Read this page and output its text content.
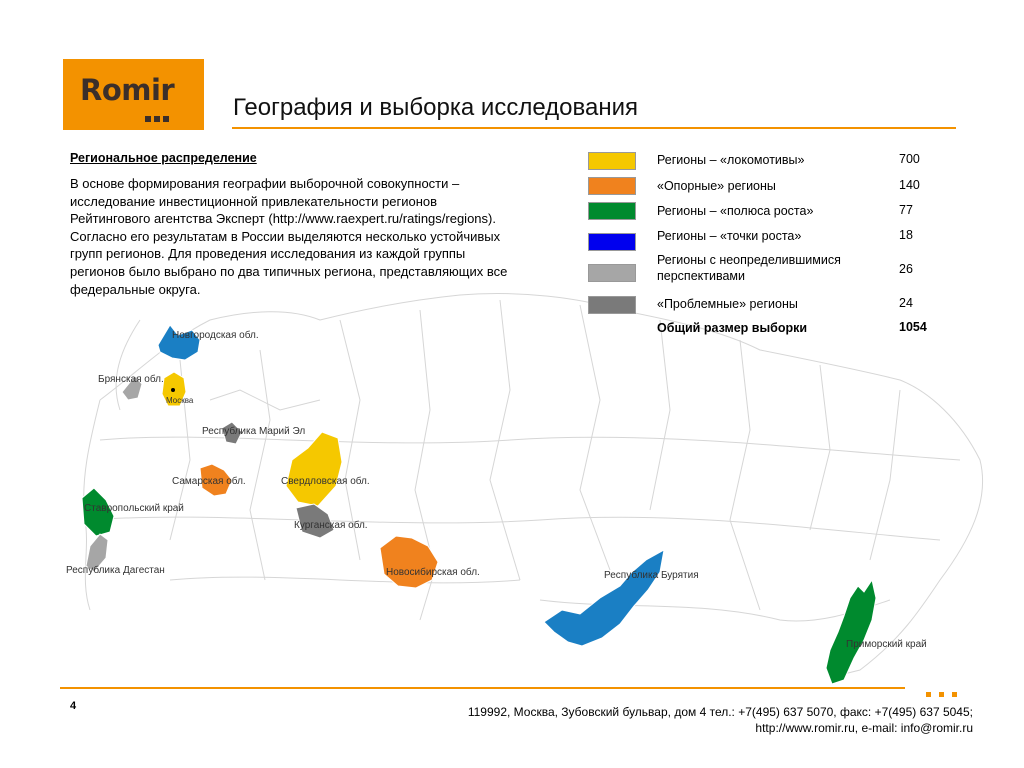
Romir
География и выборка исследования
Региональное распределение
В основе формирования географии выборочной совокупности –
исследование инвестиционной привлекательности регионов
Рейтингового агентства Эксперт (http://www.raexpert.ru/ratings/regions).
Согласно его результатам в России выделяются несколько устойчивых
групп регионов. Для проведения исследования из каждой группы
регионов было выбрано по два типичных региона, представляющих все
федеральные округа.
Новгородская обл.
Брянская обл.
Москва
Республика Марий Эл
Самарская обл.	Свердловская обл.
Ставропольский край
Курганская обл.
Республика Дагестан	Новосибирская обл.	Республика Бурятия
Приморский край
Регионы – «локомотивы»	700
«Опорные» регионы	140
Регионы – «полюса роста»	77
Регионы – «точки роста»	18
Регионы с неопределившимися перспективами	26
«Проблемные» регионы	24
Общий размер выборки	1054
4	119992, Москва, Зубовский бульвар, дом 4 тел.: +7(495) 637 5070, факс: +7(495) 637 5045;
http://www.romir.ru, e-mail: info@romir.ru
